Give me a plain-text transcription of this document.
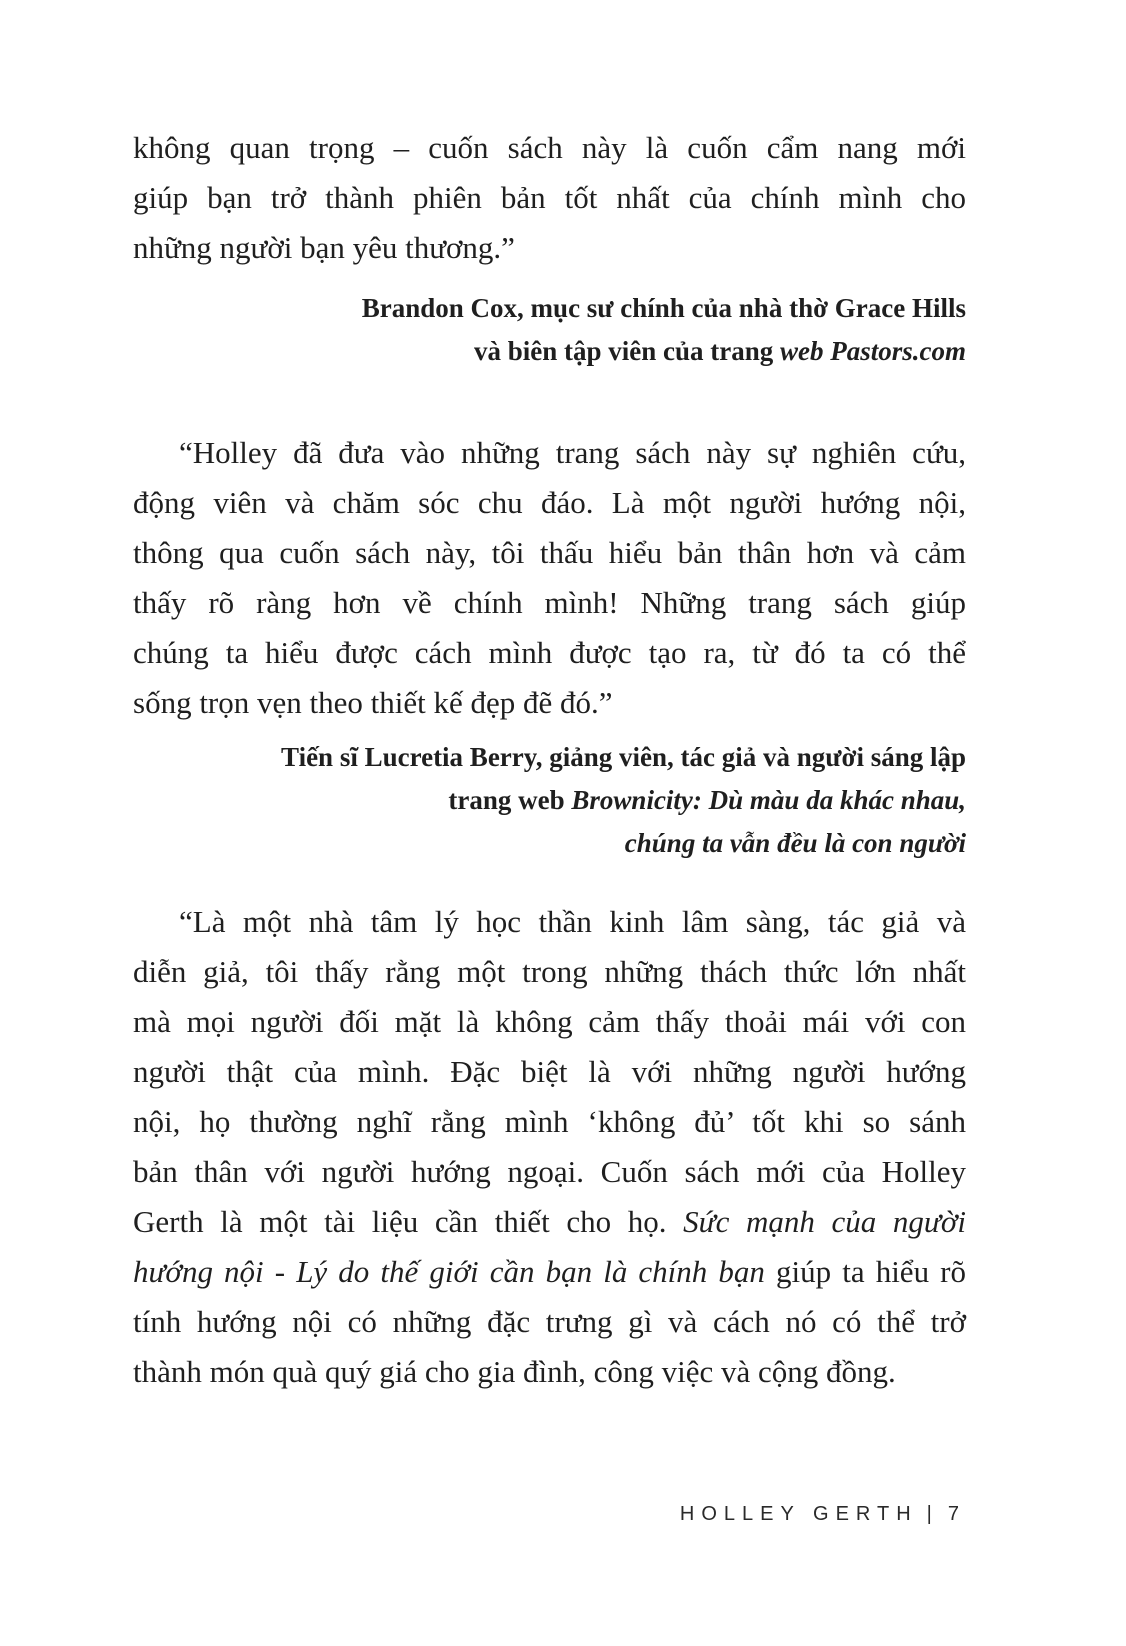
không quan trọng – cuốn sách này là cuốn cẩm nang mới
giúp bạn trở thành phiên bản tốt nhất của chính mình cho
những người bạn yêu thương.”
Brandon Cox, mục sư chính của nhà thờ Grace Hills
và biên tập viên của trang web Pastors.com
“Holley đã đưa vào những trang sách này sự nghiên cứu,
động viên và chăm sóc chu đáo. Là một người hướng nội,
thông qua cuốn sách này, tôi thấu hiểu bản thân hơn và cảm
thấy rõ ràng hơn về chính mình! Những trang sách giúp
chúng ta hiểu được cách mình được tạo ra, từ đó ta có thể
sống trọn vẹn theo thiết kế đẹp đẽ đó.”
Tiến sĩ Lucretia Berry, giảng viên, tác giả và người sáng lập
trang web Brownicity: Dù màu da khác nhau,
chúng ta vẫn đều là con người
“Là một nhà tâm lý học thần kinh lâm sàng, tác giả và
diễn giả, tôi thấy rằng một trong những thách thức lớn nhất
mà mọi người đối mặt là không cảm thấy thoải mái với con
người thật của mình. Đặc biệt là với những người hướng
nội, họ thường nghĩ rằng mình ‘không đủ’ tốt khi so sánh
bản thân với người hướng ngoại. Cuốn sách mới của Holley
Gerth là một tài liệu cần thiết cho họ. Sức mạnh của người
hướng nội - Lý do thế giới cần bạn là chính bạn giúp ta hiểu rõ
tính hướng nội có những đặc trưng gì và cách nó có thể trở
thành món quà quý giá cho gia đình, công việc và cộng đồng.
HOLLEY GERTH | 7
